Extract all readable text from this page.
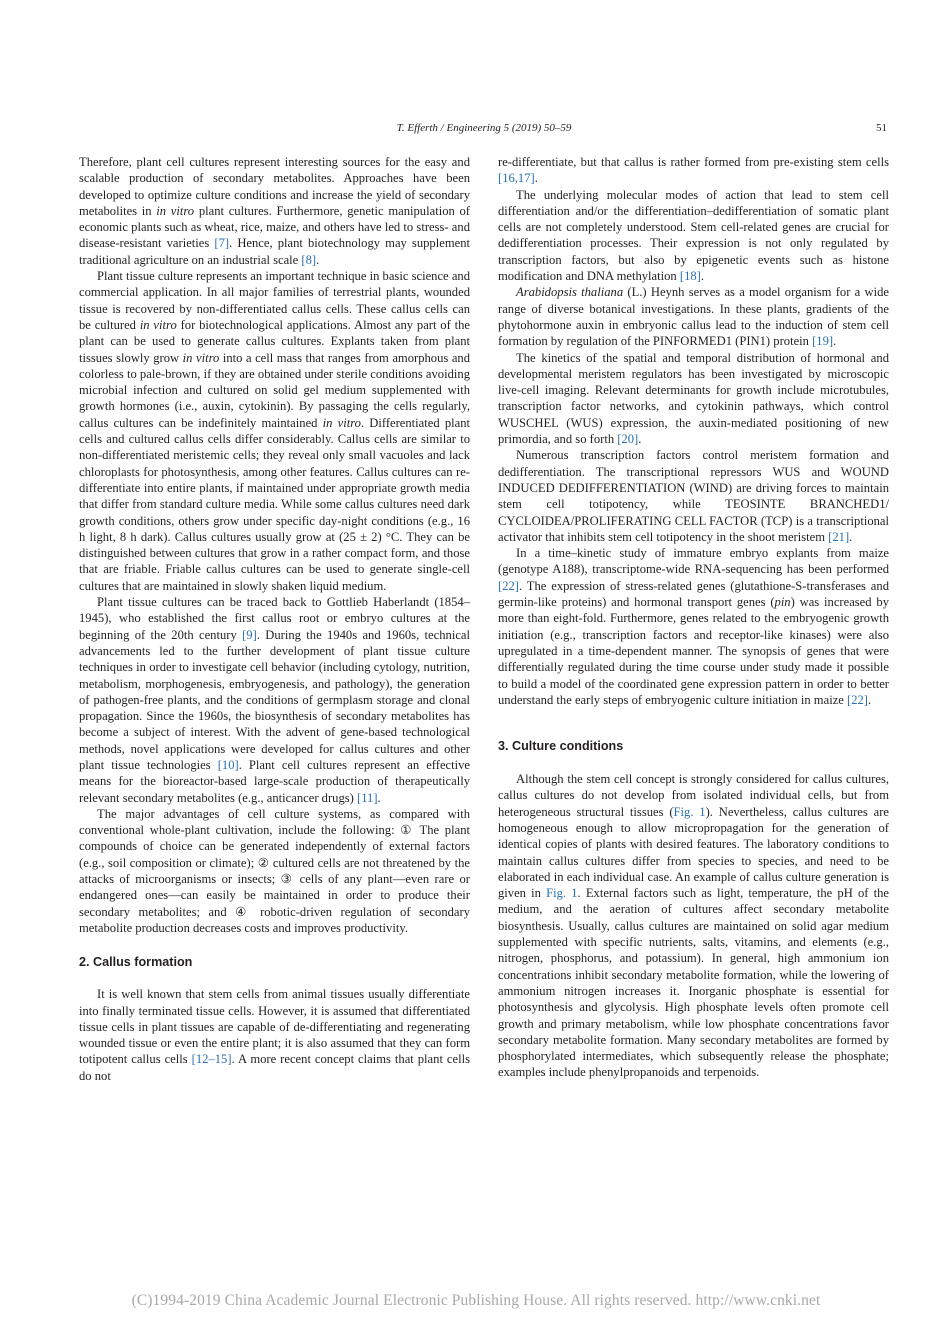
T. Efferth / Engineering 5 (2019) 50–59	51

Therefore, plant cell cultures represent interesting sources for the easy and scalable production of secondary metabolites. Approaches have been developed to optimize culture conditions and increase the yield of secondary metabolites in in vitro plant cultures. Furthermore, genetic manipulation of economic plants such as wheat, rice, maize, and others have led to stress- and disease-resistant varieties [7]. Hence, plant biotechnology may supplement traditional agriculture on an industrial scale [8].

Plant tissue culture represents an important technique in basic science and commercial application. In all major families of terrestrial plants, wounded tissue is recovered by non-differentiated callus cells. These callus cells can be cultured in vitro for biotechnological applications. Almost any part of the plant can be used to generate callus cultures. Explants taken from plant tissues slowly grow in vitro into a cell mass that ranges from amorphous and colorless to pale-brown, if they are obtained under sterile conditions avoiding microbial infection and cultured on solid gel medium supplemented with growth hormones (i.e., auxin, cytokinin). By passaging the cells regularly, callus cultures can be indefinitely maintained in vitro. Differentiated plant cells and cultured callus cells differ considerably. Callus cells are similar to non-differentiated meristemic cells; they reveal only small vacuoles and lack chloroplasts for photosynthesis, among other features. Callus cultures can re-differentiate into entire plants, if maintained under appropriate growth media that differ from standard culture media. While some callus cultures need dark growth conditions, others grow under specific day-night conditions (e.g., 16 h light, 8 h dark). Callus cultures usually grow at (25 ± 2) °C. They can be distinguished between cultures that grow in a rather compact form, and those that are friable. Friable callus cultures can be used to generate single-cell cultures that are maintained in slowly shaken liquid medium.

Plant tissue cultures can be traced back to Gottlieb Haberlandt (1854–1945), who established the first callus root or embryo cultures at the beginning of the 20th century [9]. During the 1940s and 1960s, technical advancements led to the further development of plant tissue culture techniques in order to investigate cell behavior (including cytology, nutrition, metabolism, morphogenesis, embryogenesis, and pathology), the generation of pathogen-free plants, and the conditions of germplasm storage and clonal propagation. Since the 1960s, the biosynthesis of secondary metabolites has become a subject of interest. With the advent of gene-based technological methods, novel applications were developed for callus cultures and other plant tissue technologies [10]. Plant cell cultures represent an effective means for the bioreactor-based large-scale production of therapeutically relevant secondary metabolites (e.g., anticancer drugs) [11].

The major advantages of cell culture systems, as compared with conventional whole-plant cultivation, include the following: ① The plant compounds of choice can be generated independently of external factors (e.g., soil composition or climate); ② cultured cells are not threatened by the attacks of microorganisms or insects; ③ cells of any plant—even rare or endangered ones—can easily be maintained in order to produce their secondary metabolites; and ④ robotic-driven regulation of secondary metabolite production decreases costs and improves productivity.

2. Callus formation

It is well known that stem cells from animal tissues usually differentiate into finally terminated tissue cells. However, it is assumed that differentiated tissue cells in plant tissues are capable of de-differentiating and regenerating wounded tissue or even the entire plant; it is also assumed that they can form totipotent callus cells [12–15]. A more recent concept claims that plant cells do not

re-differentiate, but that callus is rather formed from pre-existing stem cells [16,17].

The underlying molecular modes of action that lead to stem cell differentiation and/or the differentiation–dedifferentiation of somatic plant cells are not completely understood. Stem cell-related genes are crucial for dedifferentiation processes. Their expression is not only regulated by transcription factors, but also by epigenetic events such as histone modification and DNA methylation [18].

Arabidopsis thaliana (L.) Heynh serves as a model organism for a wide range of diverse botanical investigations. In these plants, gradients of the phytohormone auxin in embryonic callus lead to the induction of stem cell formation by regulation of the PINFORMED1 (PIN1) protein [19].

The kinetics of the spatial and temporal distribution of hormonal and developmental meristem regulators has been investigated by microscopic live-cell imaging. Relevant determinants for growth include microtubules, transcription factor networks, and cytokinin pathways, which control WUSCHEL (WUS) expression, the auxin-mediated positioning of new primordia, and so forth [20].

Numerous transcription factors control meristem formation and dedifferentiation. The transcriptional repressors WUS and WOUND INDUCED DEDIFFERENTIATION (WIND) are driving forces to maintain stem cell totipotency, while TEOSINTE BRANCHED1/ CYCLOIDEA/PROLIFERATING CELL FACTOR (TCP) is a transcriptional activator that inhibits stem cell totipotency in the shoot meristem [21].

In a time–kinetic study of immature embryo explants from maize (genotype A188), transcriptome-wide RNA-sequencing has been performed [22]. The expression of stress-related genes (glutathione-S-transferases and germin-like proteins) and hormonal transport genes (pin) was increased by more than eight-fold. Furthermore, genes related to the embryogenic growth initiation (e.g., transcription factors and receptor-like kinases) were also upregulated in a time-dependent manner. The synopsis of genes that were differentially regulated during the time course under study made it possible to build a model of the coordinated gene expression pattern in order to better understand the early steps of embryogenic culture initiation in maize [22].

3. Culture conditions

Although the stem cell concept is strongly considered for callus cultures, callus cultures do not develop from isolated individual cells, but from heterogeneous structural tissues (Fig. 1). Nevertheless, callus cultures are homogeneous enough to allow micropropagation for the generation of identical copies of plants with desired features. The laboratory conditions to maintain callus cultures differ from species to species, and need to be elaborated in each individual case. An example of callus culture generation is given in Fig. 1. External factors such as light, temperature, the pH of the medium, and the aeration of cultures affect secondary metabolite biosynthesis. Usually, callus cultures are maintained on solid agar medium supplemented with specific nutrients, salts, vitamins, and elements (e.g., nitrogen, phosphorus, and potassium). In general, high ammonium ion concentrations inhibit secondary metabolite formation, while the lowering of ammonium nitrogen increases it. Inorganic phosphate is essential for photosynthesis and glycolysis. High phosphate levels often promote cell growth and primary metabolism, while low phosphate concentrations favor secondary metabolite formation. Many secondary metabolites are formed by phosphorylated intermediates, which subsequently release the phosphate; examples include phenylpropanoids and terpenoids.

(C)1994-2019 China Academic Journal Electronic Publishing House. All rights reserved. http://www.cnki.net
